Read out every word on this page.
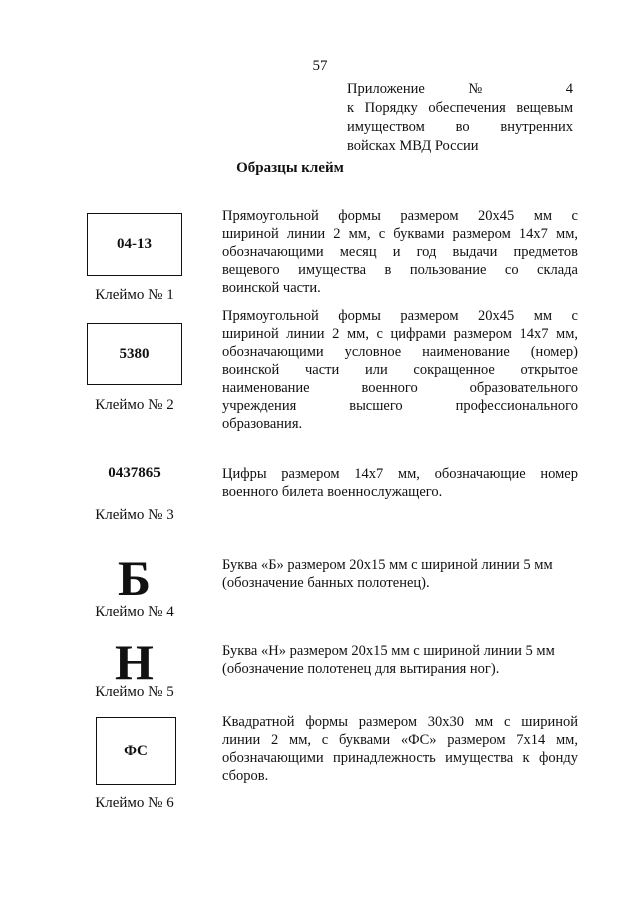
57
Приложение № 4
к Порядку обеспечения вещевым
имуществом во внутренних
войсках МВД России
Образцы клейм
04-13
Клеймо № 1
Прямоугольной формы размером 20х45 мм с
шириной линии 2 мм, с буквами размером 14х7 мм,
обозначающими месяц и год выдачи предметов
вещевого имущества в пользование со склада
воинской части.
5380
Клеймо № 2
Прямоугольной формы размером 20х45 мм с
шириной линии 2 мм, с цифрами размером 14х7 мм,
обозначающими условное наименование (номер)
воинской части или сокращенное открытое
наименование военного образовательного
учреждения высшего профессионального
образования.
0437865
Клеймо № 3
Цифры размером 14х7 мм, обозначающие номер
военного билета военнослужащего.
Б
Клеймо № 4
Буква «Б» размером 20х15 мм с шириной линии 5 мм
(обозначение банных полотенец).
Н
Клеймо № 5
Буква «Н» размером 20х15 мм с шириной линии 5 мм
(обозначение полотенец для вытирания ног).
ФС
Клеймо № 6
Квадратной формы размером 30х30 мм с шириной
линии 2 мм, с буквами «ФС» размером 7х14 мм,
обозначающими принадлежность имущества к фонду
сборов.
